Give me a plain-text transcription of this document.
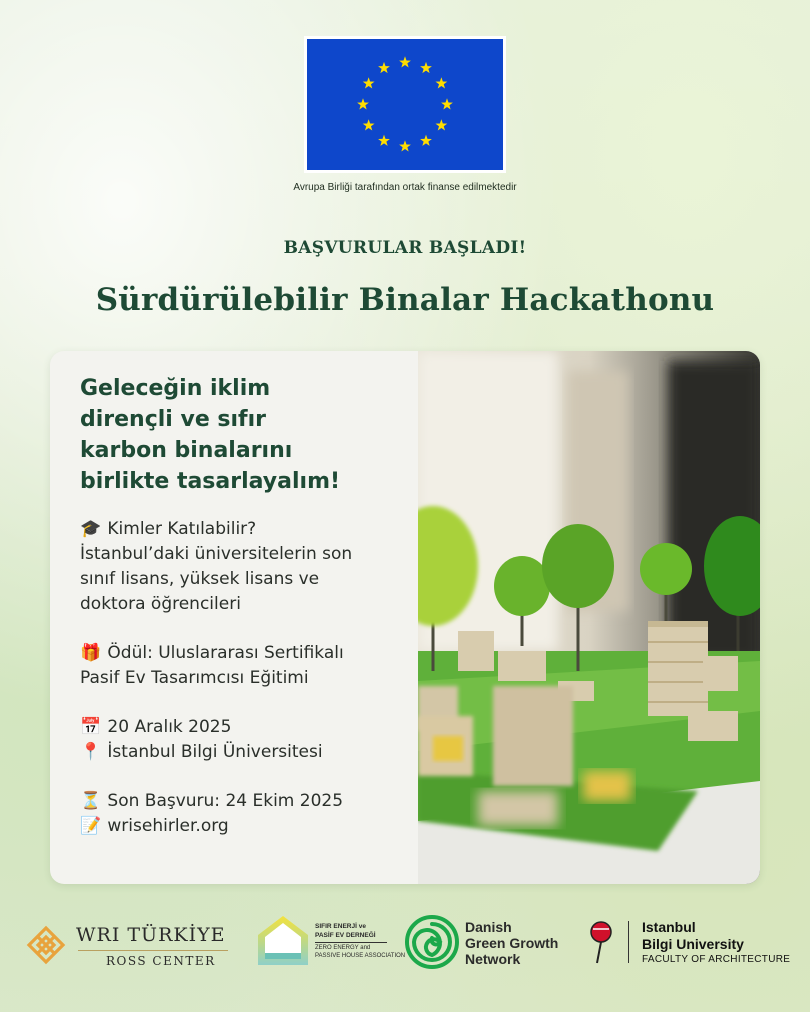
Avrupa Birliği tarafından ortak finanse edilmektedir
BAŞVURULAR BAŞLADI!
Sürdürülebilir Binalar Hackathonu
Geleceğin iklim
dirençli ve sıfır
karbon binalarını
birlikte tasarlayalım!

🎓 Kimler Katılabilir?

İstanbul’daki üniversitelerin son

sınıf lisans, yüksek lisans ve

doktora öğrencileri

🎁 Ödül: Uluslararası Sertifikalı

Pasif Ev Tasarımcısı Eğitimi

📅 20 Aralık 2025

📍 İstanbul Bilgi Üniversitesi

⏳ Son Başvuru: 24 Ekim 2025

📝 wrisehirler.org

WRI TÜRKİYE
ROSS CENTER
SIFIR ENERJİ ve
PASİF EV DERNEĞİ
ZERO ENERGY and
PASSIVE HOUSE ASSOCIATION
Danish
Green Growth
Network
Istanbul
Bilgi University
FACULTY OF ARCHITECTURE
